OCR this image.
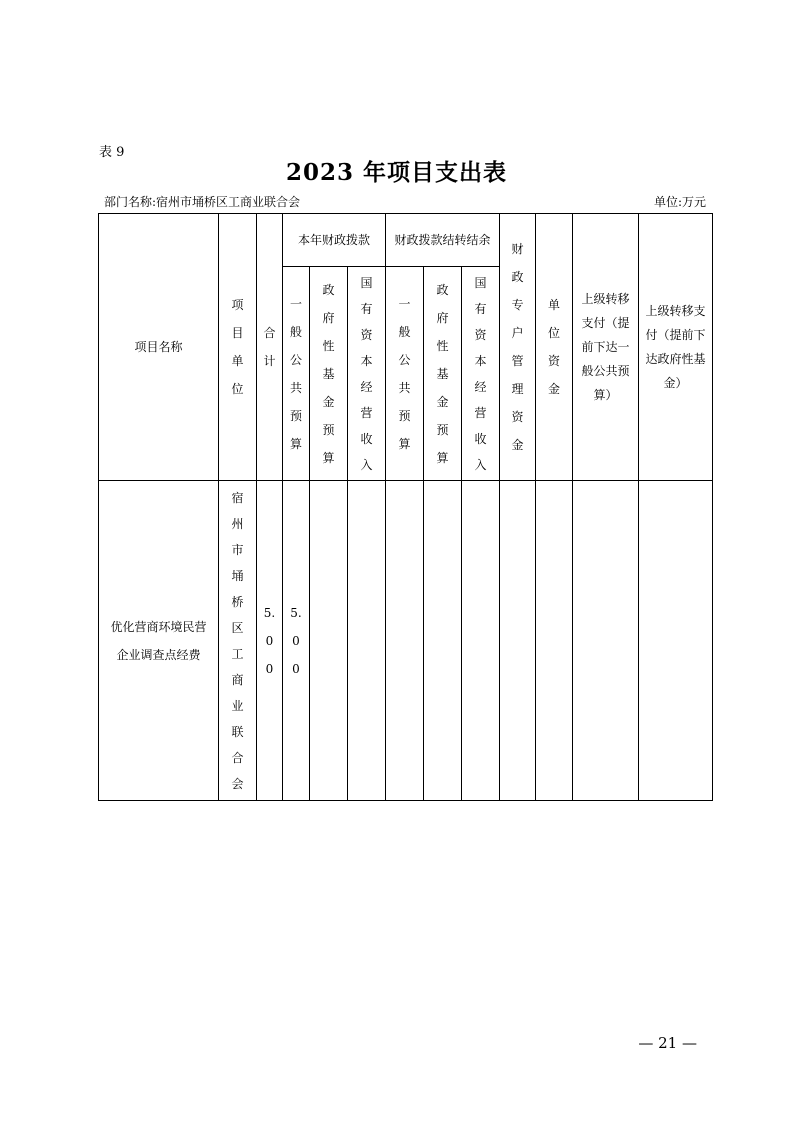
表 9
2023 年项目支出表
部门名称:宿州市埇桥区工商业联合会	单位:万元
项目名称	项目单位	合计	本年财政拨款			财政拨款结转结余			财政专户管理资金	单位资金	上级转移支付（提前下达一般公共预算）	上级转移支付（提前下达政府性基金）
			一般公共预算	政府性基金预算	国有资本经营收入	一般公共预算	政府性基金预算	国有资本经营收入				
优化营商环境民营企业调查点经费	宿州市埇桥区工商业联合会	5.00	5.00									
— 21 —
